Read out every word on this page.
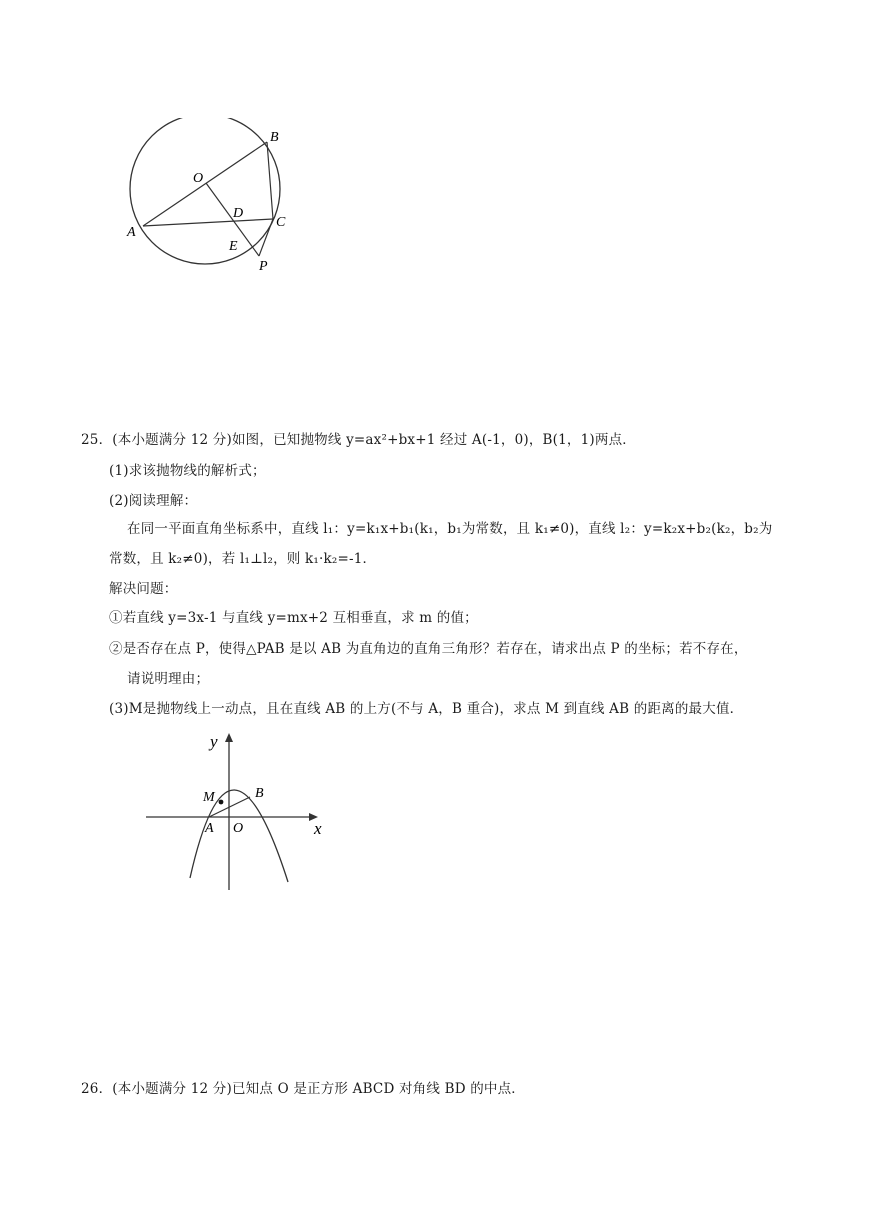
O
B
D
C
A
E
P
25．(本小题满分 12 分)如图，已知抛物线 y=ax²+bx+1 经过 A(-1，0)，B(1，1)两点．
(1)求该抛物线的解析式；
(2)阅读理解：
在同一平面直角坐标系中，直线 l₁：y=k₁x+b₁(k₁，b₁为常数，且 k₁≠0)，直线 l₂：y=k₂x+b₂(k₂，b₂为
常数，且 k₂≠0)，若 l₁⊥l₂，则 k₁·k₂=-1．
解决问题：
①若直线 y=3x-1 与直线 y=mx+2 互相垂直，求 m 的值；
②是否存在点 P，使得△PAB 是以 AB 为直角边的直角三角形？若存在，请求出点 P 的坐标；若不存在，
请说明理由；
(3)M是抛物线上一动点，且在直线 AB 的上方(不与 A，B 重合)，求点 M 到直线 AB 的距离的最大值．
y
x
M	B
A O
26．(本小题满分 12 分)已知点 O 是正方形 ABCD 对角线 BD 的中点．
